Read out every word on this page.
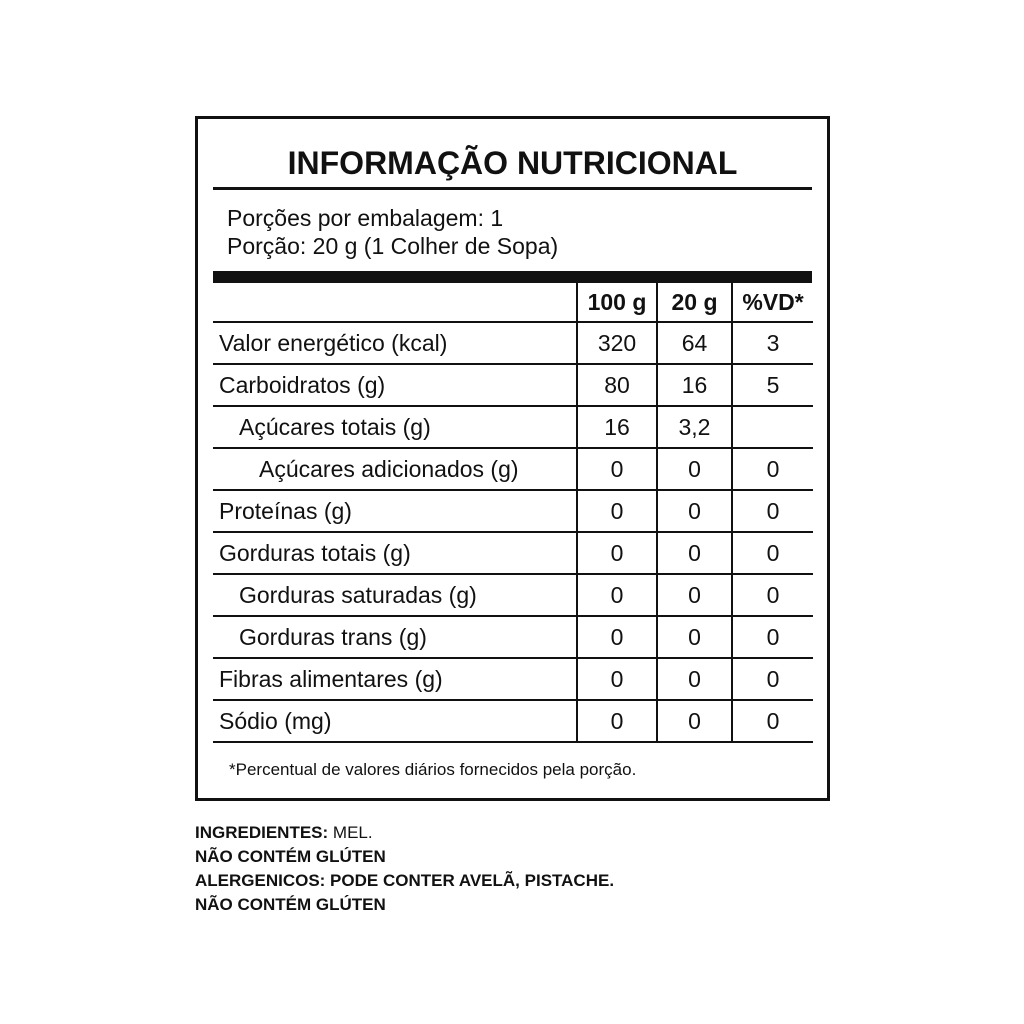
INFORMAÇÃO NUTRICIONAL
Porções por embalagem: 1
Porção: 20 g (1 Colher de Sopa)
	100 g	20 g	%VD*
Valor energético (kcal)	320	64	3
Carboidratos (g)	80	16	5
Açúcares totais (g)	16	3,2	
Açúcares adicionados (g)	0	0	0
Proteínas (g)	0	0	0
Gorduras totais (g)	0	0	0
Gorduras saturadas (g)	0	0	0
Gorduras trans (g)	0	0	0
Fibras alimentares (g)	0	0	0
Sódio (mg)	0	0	0
*Percentual de valores diários fornecidos pela porção.
INGREDIENTES: MEL.
NÃO CONTÉM GLÚTEN
ALERGENICOS: PODE CONTER AVELÃ, PISTACHE.
NÃO CONTÉM GLÚTEN
